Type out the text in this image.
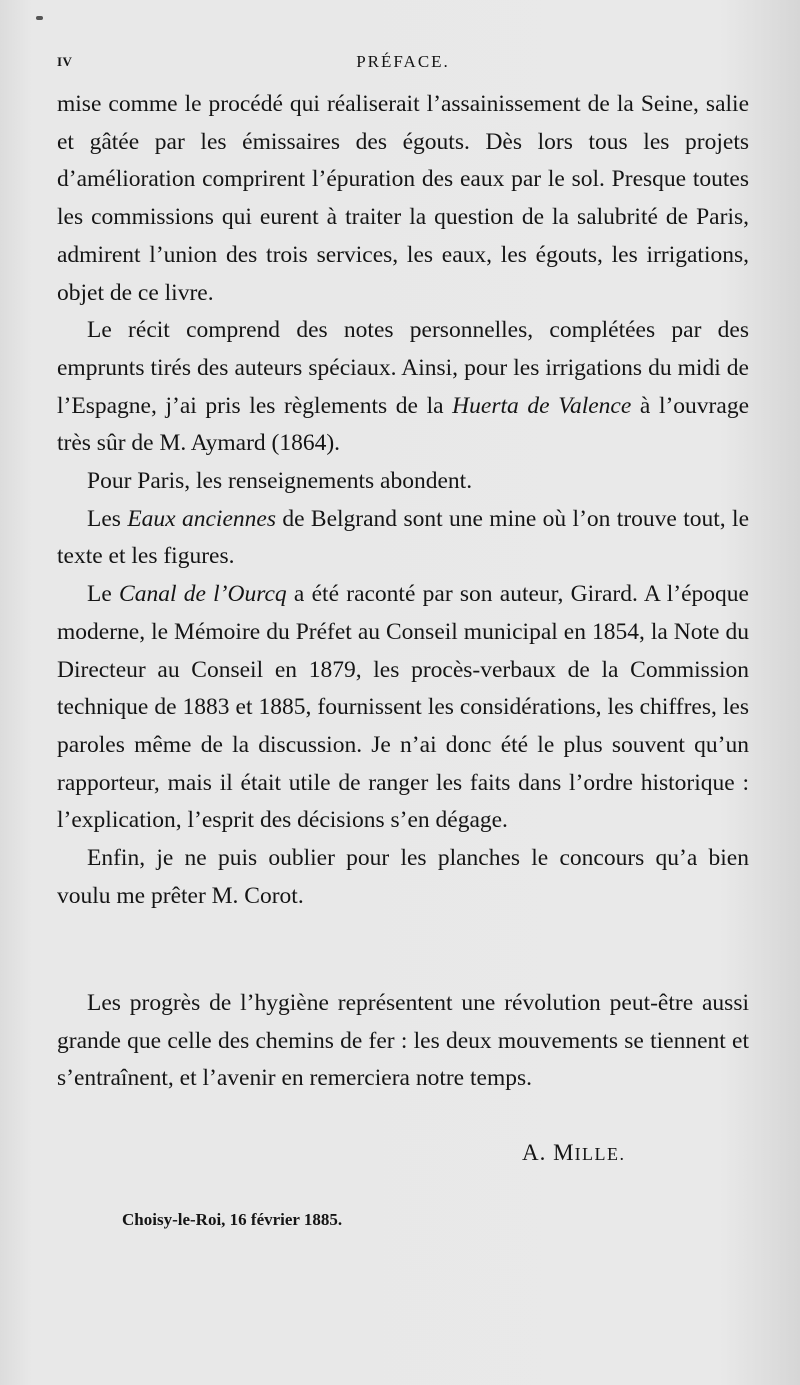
IV	PRÉFACE.

mise comme le procédé qui réaliserait l’assainissement de la Seine, salie et gâtée par les émissaires des égouts. Dès lors tous les projets d’amélioration comprirent l’épuration des eaux par le sol. Presque toutes les commissions qui eurent à traiter la question de la salubrité de Paris, admirent l’union des trois services, les eaux, les égouts, les irrigations, objet de ce livre.

Le récit comprend des notes personnelles, complétées par des emprunts tirés des auteurs spéciaux. Ainsi, pour les irrigations du midi de l’Espagne, j’ai pris les règlements de la Huerta de Valence à l’ouvrage très sûr de M. Aymard (1864).

Pour Paris, les renseignements abondent.

Les Eaux anciennes de Belgrand sont une mine où l’on trouve tout, le texte et les figures.

Le Canal de l’Ourcq a été raconté par son auteur, Girard. A l’époque moderne, le Mémoire du Préfet au Conseil municipal en 1854, la Note du Directeur au Conseil en 1879, les procès-verbaux de la Commission technique de 1883 et 1885, fournissent les considérations, les chiffres, les paroles même de la discussion. Je n’ai donc été le plus souvent qu’un rapporteur, mais il était utile de ranger les faits dans l’ordre historique : l’explication, l’esprit des décisions s’en dégage.

Enfin, je ne puis oublier pour les planches le concours qu’a bien voulu me prêter M. Corot.

Les progrès de l’hygiène représentent une révolution peut-être aussi grande que celle des chemins de fer : les deux mouvements se tiennent et s’entraînent, et l’avenir en remerciera notre temps.

A. MILLE.
Choisy-le-Roi, 16 février 1885.
